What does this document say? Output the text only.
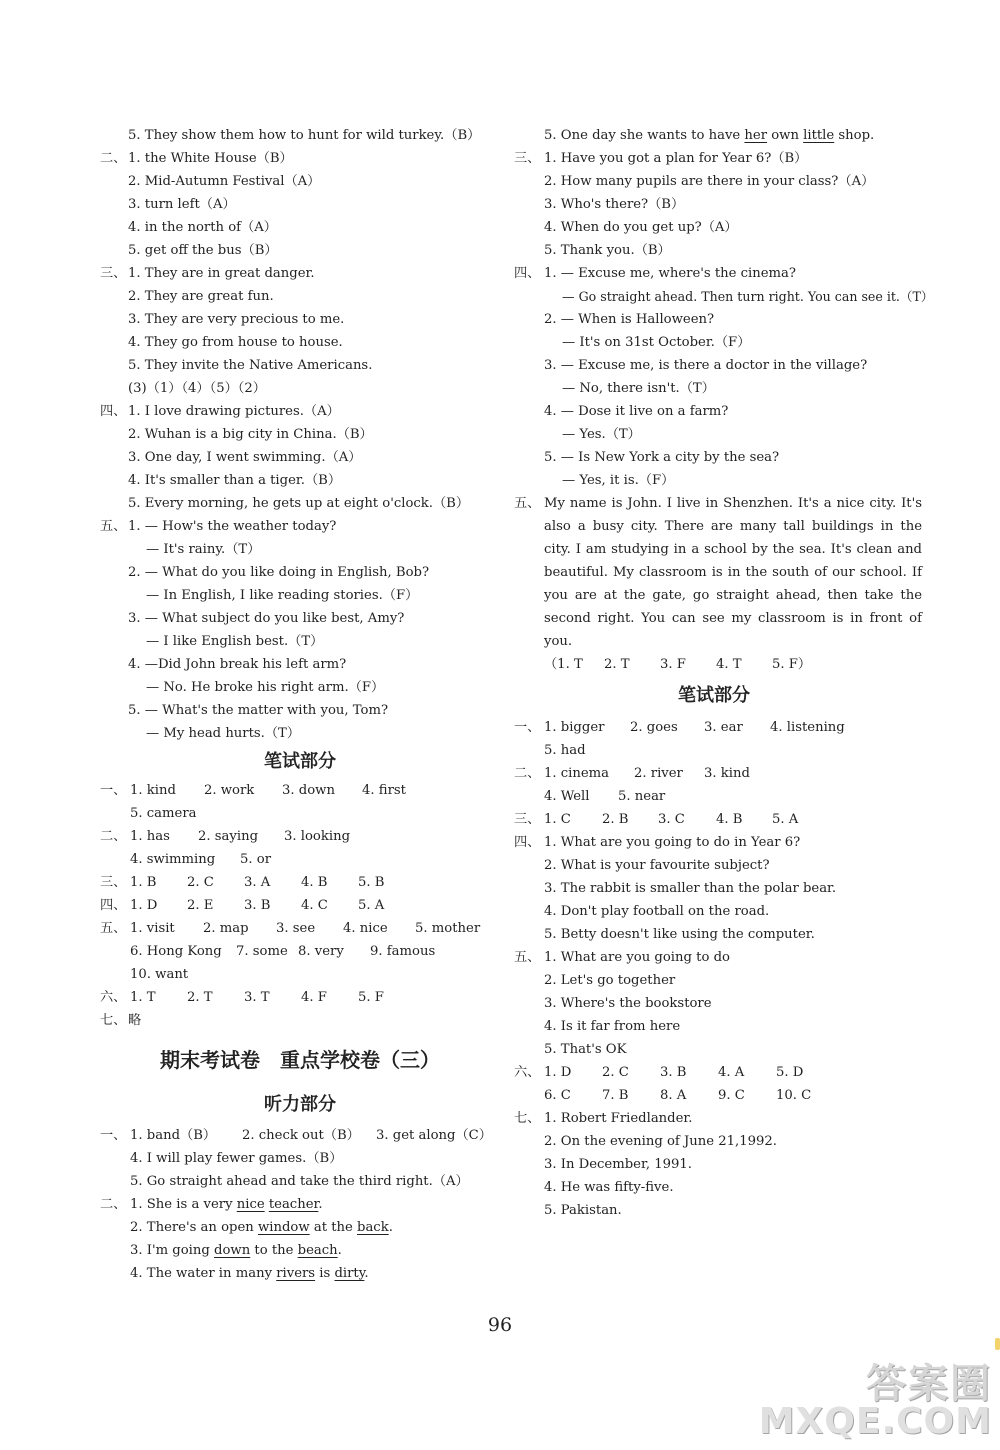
5. They show them how to hunt for wild turkey.（B）
二、 1. the White House（B）
2. Mid-Autumn Festival（A）
3. turn left（A）
4. in the north of（A）
5. get off the bus（B）
三、 1. They are in great danger.
2. They are great fun.
3. They are very precious to me.
4. They go from house to house.
5. They invite the Native Americans.
(3)（1）（4）（5）（2）
四、 1. I love drawing pictures.（A）
2. Wuhan is a big city in China.（B）
3. One day, I went swimming.（A）
4. It's smaller than a tiger.（B）
5. Every morning, he gets up at eight o'clock.（B）
五、 1. — How's the weather today?
— It's rainy.（T）
2. — What do you like doing in English, Bob?
— In English, I like reading stories.（F）
3. — What subject do you like best, Amy?
— I like English best.（T）
4. —Did John break his left arm?
— No. He broke his right arm.（F）
5. — What's the matter with you, Tom?
— My head hurts.（T）
笔试部分
一、 1. kind	2. work	3. down	4. first
5. camera
二、 1. has	2. saying	3. looking
4. swimming	5. or
三、 1. B	2. C	3. A	4. B	5. B
四、 1. D	2. E	3. B	4. C	5. A
五、 1. visit	2. map	3. see	4. nice	5. mother
6. Hong Kong	7. some 8. very	9. famous
10. want
六、 1. T	2. T	3. T	4. F	5. F
七、 略
期末考试卷　重点学校卷（三）
听力部分
一、 1. band（B）	2. check out（B）	3. get along（C）
4. I will play fewer games.（B）
5. Go straight ahead and take the third right.（A）
二、 1. She is a very nice teacher.
2. There's an open window at the back.
3. I'm going down to the beach.
4. The water in many rivers is dirty.
5. One day she wants to have her own little shop.
三、 1. Have you got a plan for Year 6?（B）
2. How many pupils are there in your class?（A）
3. Who's there?（B）
4. When do you get up?（A）
5. Thank you.（B）
四、 1. — Excuse me, where's the cinema?
— Go straight ahead. Then turn right. You can see it.（T）
2. — When is Halloween?
— It's on 31st October.（F）
3. — Excuse me, is there a doctor in the village?
— No, there isn't.（T）
4. — Dose it live on a farm?
— Yes.（T）
5. — Is New York a city by the sea?
— Yes, it is.（F）
五、 My name is John. I live in Shenzhen. It's a nice city. It's also a busy city. There are many tall buildings in the city. I am studying in a school by the sea. It's clean and beautiful. My classroom is in the south of our school. If you are at the gate, go straight ahead, then take the second right. You can see my classroom is in front of you.
（1. T	2. T	3. F	4. T	5. F）
笔试部分
一、 1. bigger	2. goes	3. ear	4. listening
5. had
二、 1. cinema	2. river	3. kind
4. Well	5. near
三、 1. C	2. B	3. C	4. B	5. A
四、 1. What are you going to do in Year 6?
2. What is your favourite subject?
3. The rabbit is smaller than the polar bear.
4. Don't play football on the road.
5. Betty doesn't like using the computer.
五、 1. What are you going to do
2. Let's go together
3. Where's the bookstore
4. Is it far from here
5. That's OK
六、 1. D	2. C	3. B	4. A	5. D
6. C	7. B	8. A	9. C	10. C
七、 1. Robert Friedlander.
2. On the evening of June 21,1992.
3. In December, 1991.
4. He was fifty-five.
5. Pakistan.
96
答案圈
MXQE.COM
